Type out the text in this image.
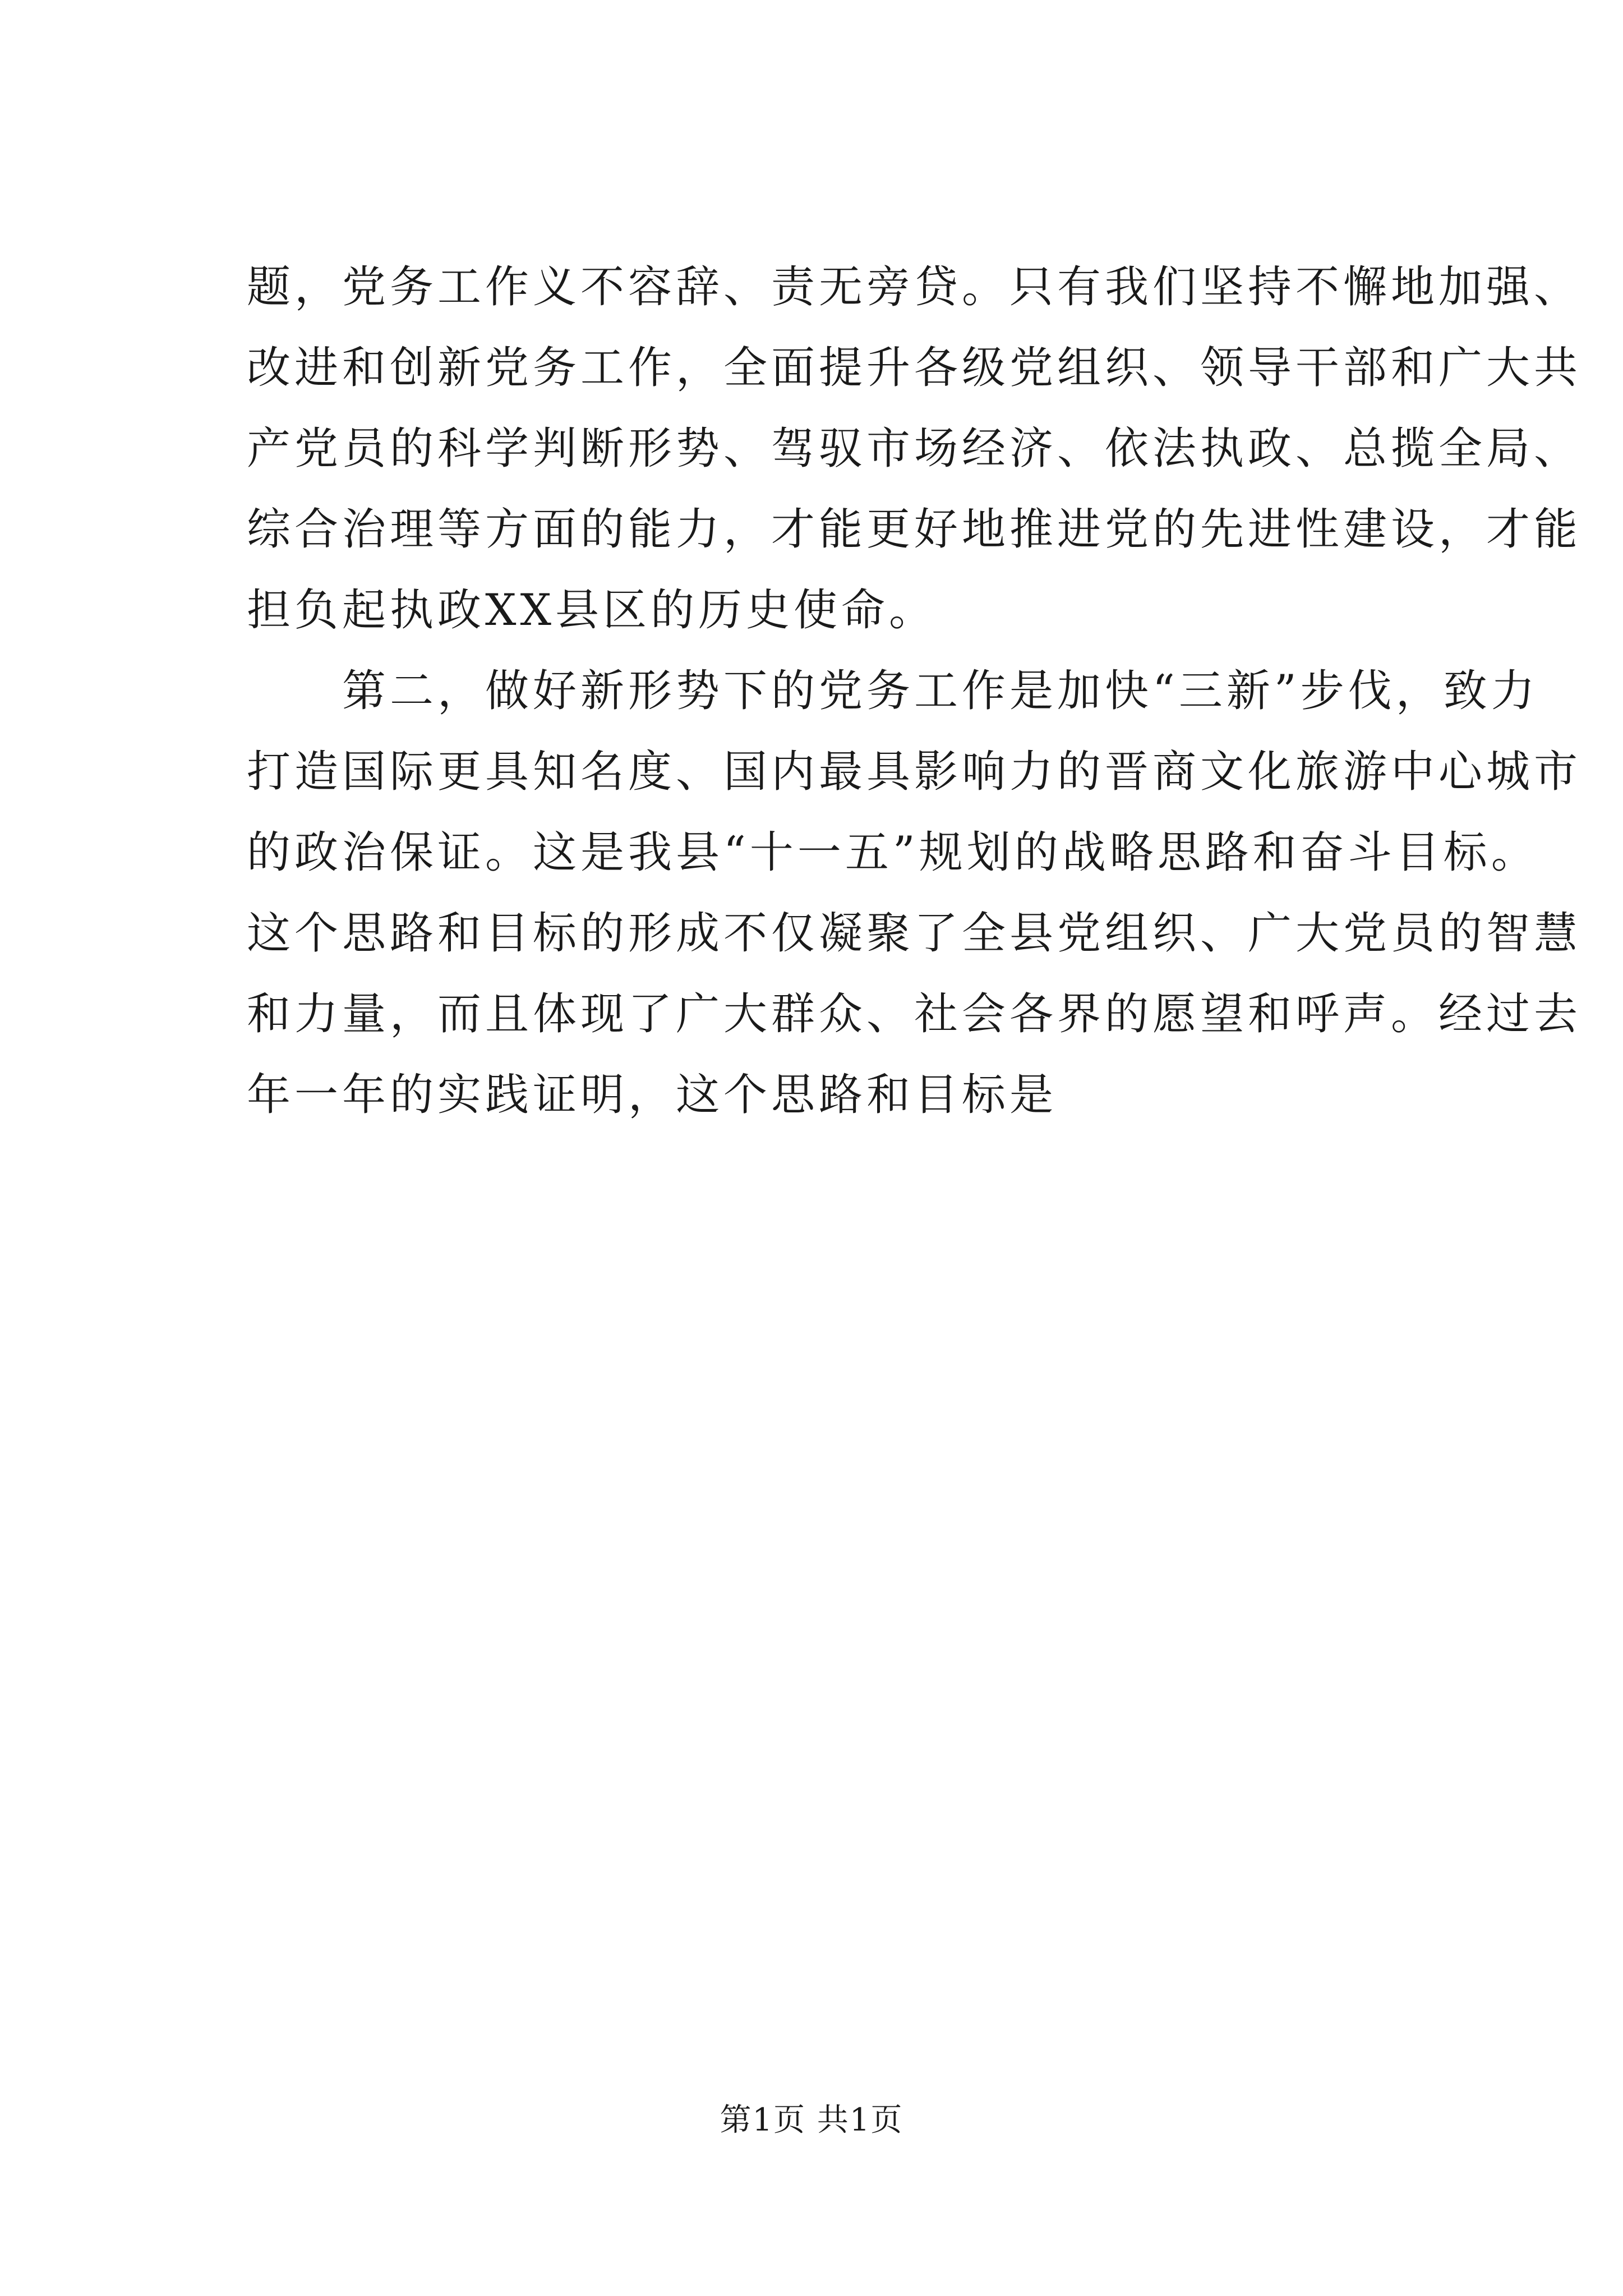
题，党务工作义不容辞、责无旁贷。只有我们坚持不懈地加强、
改进和创新党务工作，全面提升各级党组织、领导干部和广大共
产党员的科学判断形势、驾驭市场经济、依法执政、总揽全局、
综合治理等方面的能力，才能更好地推进党的先进性建设，才能
担负起执政XX县区的历史使命。
　　第二，做好新形势下的党务工作是加快“三新”步伐，致力
打造国际更具知名度、国内最具影响力的晋商文化旅游中心城市
的政治保证。这是我县“十一五”规划的战略思路和奋斗目标。
这个思路和目标的形成不仅凝聚了全县党组织、广大党员的智慧
和力量，而且体现了广大群众、社会各界的愿望和呼声。经过去
年一年的实践证明，这个思路和目标是
第1页 共1页
